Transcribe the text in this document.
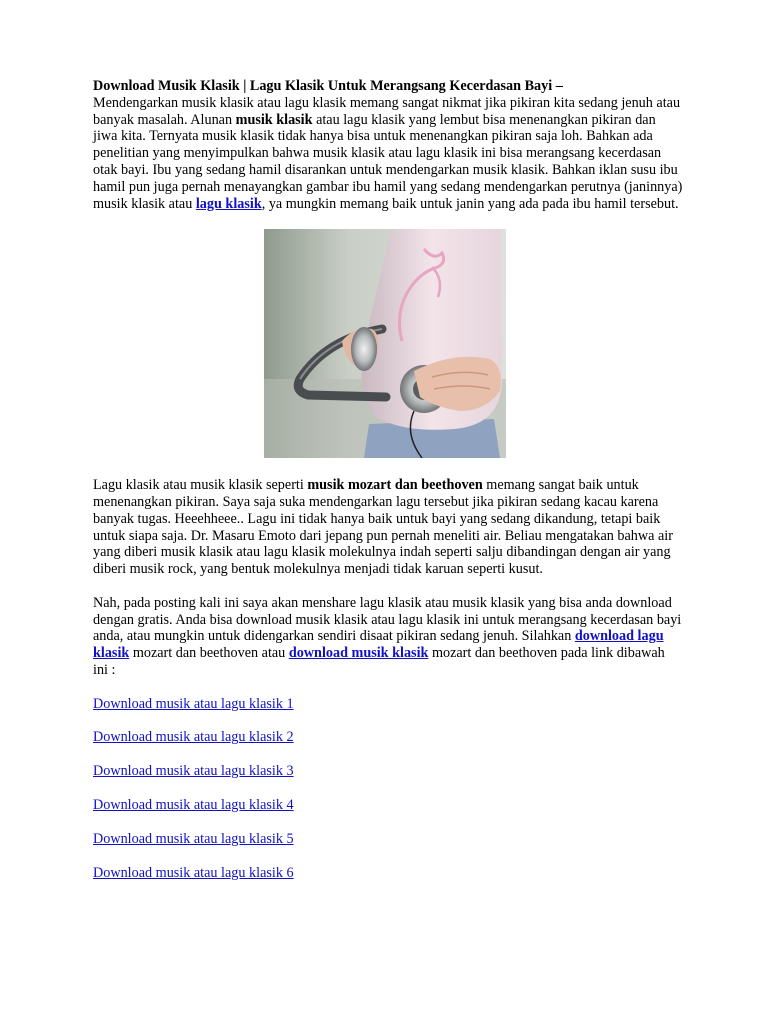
Download Musik Klasik | Lagu Klasik Untuk Merangsang Kecerdasan Bayi –
Mendengarkan musik klasik atau lagu klasik memang sangat nikmat jika pikiran kita sedang jenuh atau banyak masalah. Alunan musik klasik atau lagu klasik yang lembut bisa menenangkan pikiran dan jiwa kita. Ternyata musik klasik tidak hanya bisa untuk menenangkan pikiran saja loh. Bahkan ada penelitian yang menyimpulkan bahwa musik klasik atau lagu klasik ini bisa merangsang kecerdasan otak bayi. Ibu yang sedang hamil disarankan untuk mendengarkan musik klasik. Bahkan iklan susu ibu hamil pun juga pernah menayangkan gambar ibu hamil yang sedang mendengarkan perutnya (janinnya) musik klasik atau lagu klasik, ya mungkin memang baik untuk janin yang ada pada ibu hamil tersebut.

Lagu klasik atau musik klasik seperti musik mozart dan beethoven memang sangat baik untuk menenangkan pikiran. Saya saja suka mendengarkan lagu tersebut jika pikiran sedang kacau karena banyak tugas. Heeehheee.. Lagu ini tidak hanya baik untuk bayi yang sedang dikandung, tetapi baik untuk siapa saja. Dr. Masaru Emoto dari jepang pun pernah meneliti air. Beliau mengatakan bahwa air yang diberi musik klasik atau lagu klasik molekulnya indah seperti salju dibandingan dengan air yang diberi musik rock, yang bentuk molekulnya menjadi tidak karuan seperti kusut.

Nah, pada posting kali ini saya akan menshare lagu klasik atau musik klasik yang bisa anda download dengan gratis. Anda bisa download musik klasik atau lagu klasik ini untuk merangsang kecerdasan bayi anda, atau mungkin untuk didengarkan sendiri disaat pikiran sedang jenuh. Silahkan download lagu klasik mozart dan beethoven atau download musik klasik mozart dan beethoven pada link dibawah ini :

Download musik atau lagu klasik 1

Download musik atau lagu klasik 2

Download musik atau lagu klasik 3

Download musik atau lagu klasik 4

Download musik atau lagu klasik 5

Download musik atau lagu klasik 6
